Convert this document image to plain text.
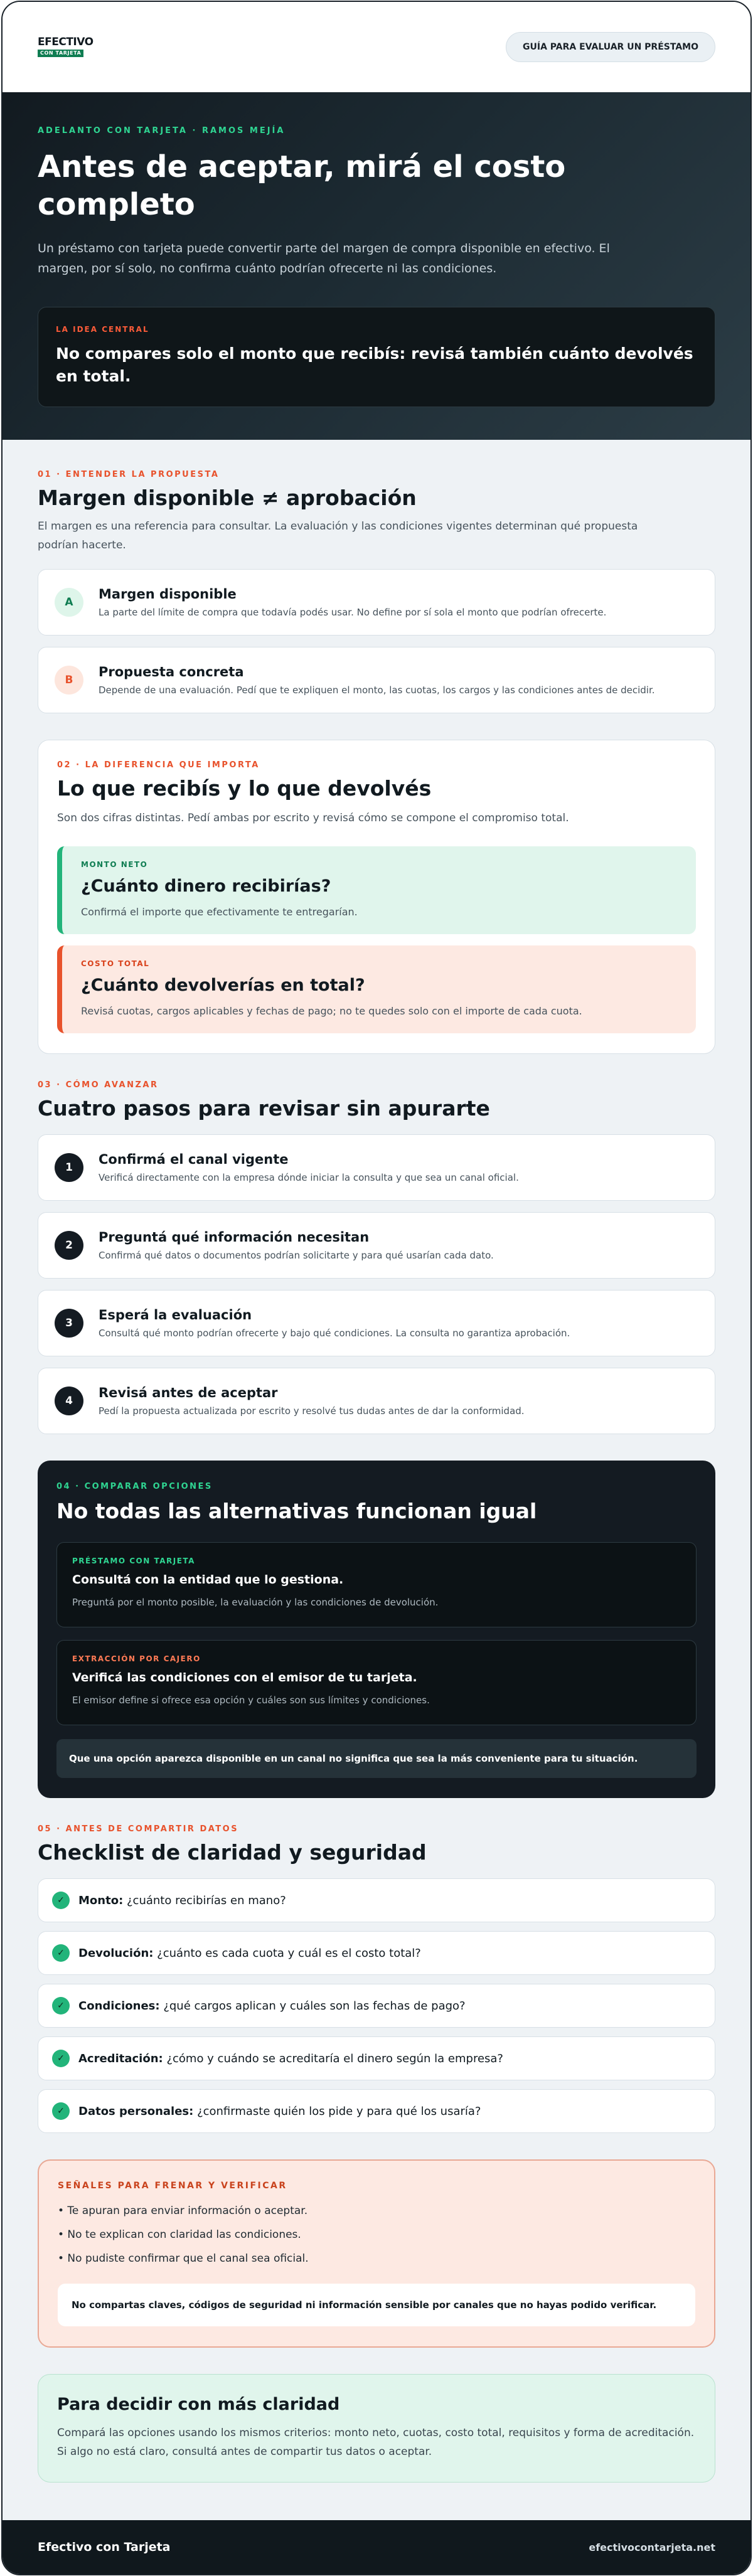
EFECTIVO
CON TARJETA
GUÍA PARA EVALUAR UN PRÉSTAMO
ADELANTO CON TARJETA · RAMOS MEJÍA
Antes de aceptar, mirá el costo completo

Un préstamo con tarjeta puede convertir parte del margen de compra disponible en efectivo. El margen, por sí solo, no confirma cuánto podrían ofrecerte ni las condiciones.

LA IDEA CENTRAL
No compares solo el monto que recibís: revisá también cuánto devolvés en total.
01 · ENTENDER LA PROPUESTA
Margen disponible ≠ aprobación

El margen es una referencia para consultar. La evaluación y las condiciones vigentes determinan qué propuesta podrían hacerte.

A
Margen disponible
La parte del límite de compra que todavía podés usar. No define por sí sola el monto que podrían ofrecerte.
B
Propuesta concreta
Depende de una evaluación. Pedí que te expliquen el monto, las cuotas, los cargos y las condiciones antes de decidir.
02 · LA DIFERENCIA QUE IMPORTA
Lo que recibís y lo que devolvés

Son dos cifras distintas. Pedí ambas por escrito y revisá cómo se compone el compromiso total.

MONTO NETO
¿Cuánto dinero recibirías?
Confirmá el importe que efectivamente te entregarían.
COSTO TOTAL
¿Cuánto devolverías en total?
Revisá cuotas, cargos aplicables y fechas de pago; no te quedes solo con el importe de cada cuota.
03 · CÓMO AVANZAR
Cuatro pasos para revisar sin apurarte
1
Confirmá el canal vigente
Verificá directamente con la empresa dónde iniciar la consulta y que sea un canal oficial.
2
Preguntá qué información necesitan
Confirmá qué datos o documentos podrían solicitarte y para qué usarían cada dato.
3
Esperá la evaluación
Consultá qué monto podrían ofrecerte y bajo qué condiciones. La consulta no garantiza aprobación.
4
Revisá antes de aceptar
Pedí la propuesta actualizada por escrito y resolvé tus dudas antes de dar la conformidad.
04 · COMPARAR OPCIONES
No todas las alternativas funcionan igual
PRÉSTAMO CON TARJETA
Consultá con la entidad que lo gestiona.
Preguntá por el monto posible, la evaluación y las condiciones de devolución.
EXTRACCIÓN POR CAJERO
Verificá las condiciones con el emisor de tu tarjeta.
El emisor define si ofrece esa opción y cuáles son sus límites y condiciones.
Que una opción aparezca disponible en un canal no significa que sea la más conveniente para tu situación.
05 · ANTES DE COMPARTIR DATOS
Checklist de claridad y seguridad
✓	Monto: ¿cuánto recibirías en mano?
✓	Devolución: ¿cuánto es cada cuota y cuál es el costo total?
✓	Condiciones: ¿qué cargos aplican y cuáles son las fechas de pago?
✓	Acreditación: ¿cómo y cuándo se acreditaría el dinero según la empresa?
✓	Datos personales: ¿confirmaste quién los pide y para qué los usaría?
SEÑALES PARA FRENAR Y VERIFICAR
• Te apuran para enviar información o aceptar.
• No te explican con claridad las condiciones.
• No pudiste confirmar que el canal sea oficial.
No compartas claves, códigos de seguridad ni información sensible por canales que no hayas podido verificar.
Para decidir con más claridad
Compará las opciones usando los mismos criterios: monto neto, cuotas, costo total, requisitos y forma de acreditación. Si algo no está claro, consultá antes de compartir tus datos o aceptar.
Efectivo con Tarjeta	efectivocontarjeta.net
